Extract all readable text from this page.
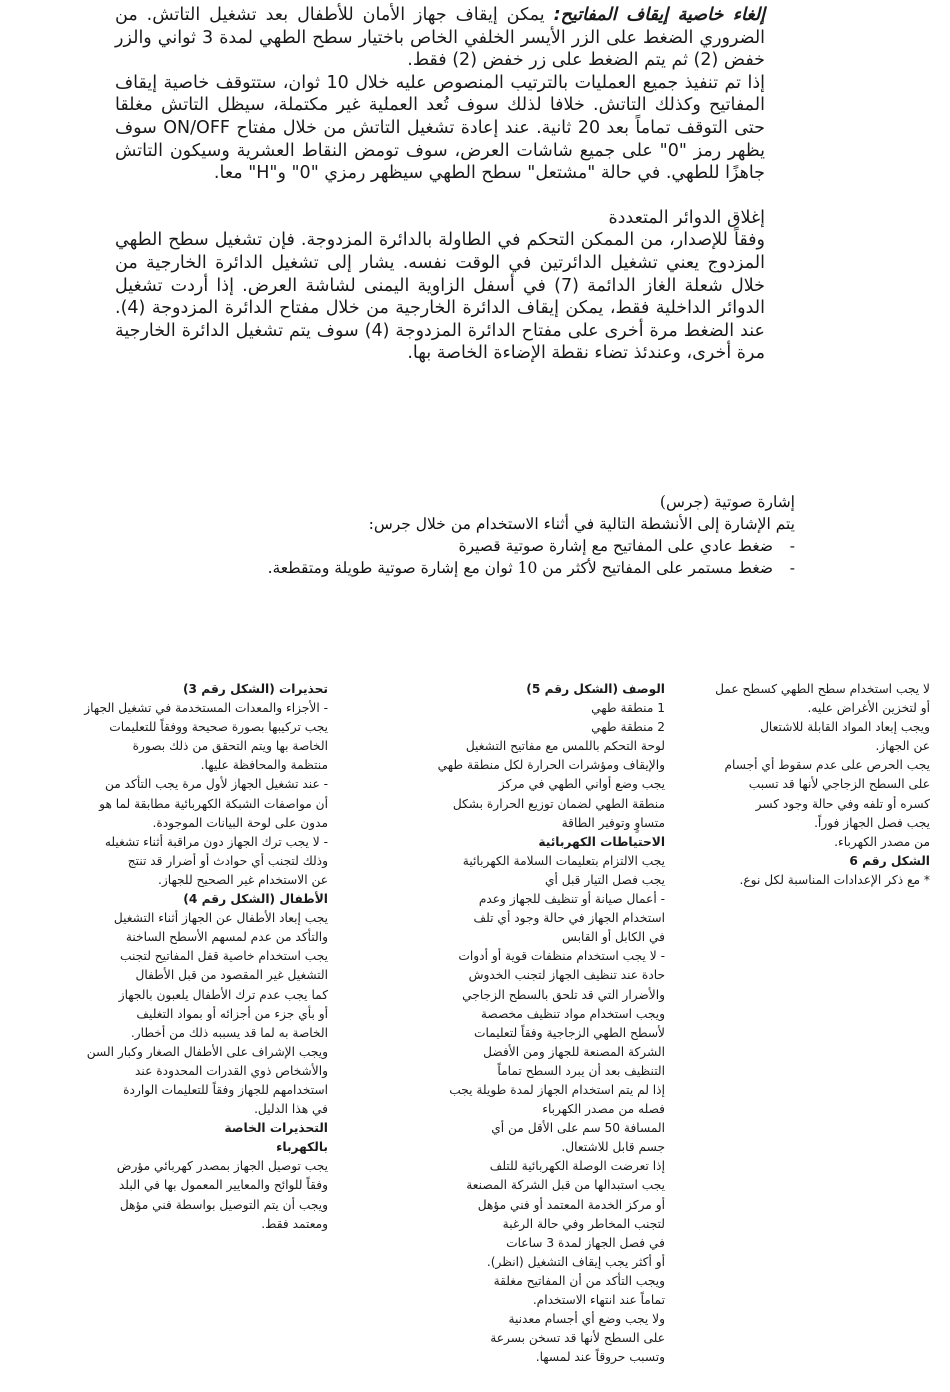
إلغاء خاصية إيقاف المفاتيح: يمكن إيقاف جهاز الأمان للأطفال بعد تشغيل التاتش. من الضروري الضغط على الزر الأيسر الخلفي الخاص باختيار سطح الطهي لمدة 3 ثواني والزر خفض (2) ثم يتم الضغط على زر خفض (2) فقط.

إذا تم تنفيذ جميع العمليات بالترتيب المنصوص عليه خلال 10 ثوان، ستتوقف خاصية إيقاف المفاتيح وكذلك التاتش. خلافا لذلك سوف تُعد العملية غير مكتملة، سيظل التاتش مغلقا حتى التوقف تماماً بعد 20 ثانية. عند إعادة تشغيل التاتش من خلال مفتاح ON/OFF سوف يظهر رمز "0" على جميع شاشات العرض، سوف تومض النقاط العشرية وسيكون التاتش جاهزًا للطهي. في حالة "مشتعل" سطح الطهي سيظهر رمزي "0" و"H" معا.

إغلاق الدوائر المتعددة

وفقاً للإصدار، من الممكن التحكم في الطاولة بالدائرة المزدوجة. فإن تشغيل سطح الطهي المزدوج يعني تشغيل الدائرتين في الوقت نفسه. يشار إلى تشغيل الدائرة الخارجية من خلال شعلة الغاز الدائمة (7) في أسفل الزاوية اليمنى لشاشة العرض. إذا أردت تشغيل الدوائر الداخلية فقط، يمكن إيقاف الدائرة الخارجية من خلال مفتاح الدائرة المزدوجة (4). عند الضغط مرة أخرى على مفتاح الدائرة المزدوجة (4) سوف يتم تشغيل الدائرة الخارجية مرة أخرى، وعندئذ تضاء نقطة الإضاءة الخاصة بها.

إشارة صوتية (جرس)

يتم الإشارة إلى الأنشطة التالية في أثناء الاستخدام من خلال جرس:

-
ضغط عادي على المفاتيح مع إشارة صوتية قصيرة

-
ضغط مستمر على المفاتيح لأكثر من 10 ثوان مع إشارة صوتية طويلة ومتقطعة.

تحذيرات (الشكل رقم 3)

- الأجزاء والمعدات المستخدمة في تشغيل الجهاز

يجب تركيبها بصورة صحيحة ووفقاً للتعليمات

الخاصة بها ويتم التحقق من ذلك بصورة

منتظمة والمحافظة عليها.

- عند تشغيل الجهاز لأول مرة يجب التأكد من

أن مواصفات الشبكة الكهربائية مطابقة لما هو

مدون على لوحة البيانات الموجودة.

- لا يجب ترك الجهاز دون مراقبة أثناء تشغيله

وذلك لتجنب أي حوادث أو أضرار قد تنتج

عن الاستخدام غير الصحيح للجهاز.

الأطفال (الشكل رقم 4)

يجب إبعاد الأطفال عن الجهاز أثناء التشغيل

والتأكد من عدم لمسهم الأسطح الساخنة

يجب استخدام خاصية قفل المفاتيح لتجنب

التشغيل غير المقصود من قبل الأطفال

كما يجب عدم ترك الأطفال يلعبون بالجهاز

أو بأي جزء من أجزائه أو بمواد التغليف

الخاصة به لما قد يسببه ذلك من أخطار.

ويجب الإشراف على الأطفال الصغار وكبار السن

والأشخاص ذوي القدرات المحدودة عند

استخدامهم للجهاز وفقاً للتعليمات الواردة

في هذا الدليل.

التحذيرات الخاصة

بالكهرباء

يجب توصيل الجهاز بمصدر كهربائي مؤرض

وفقاً للوائح والمعايير المعمول بها في البلد

ويجب أن يتم التوصيل بواسطة فني مؤهل

ومعتمد فقط.

الوصف (الشكل رقم 5)

1 منطقة طهي

2 منطقة طهي

لوحة التحكم باللمس مع مفاتيح التشغيل

والإيقاف ومؤشرات الحرارة لكل منطقة طهي

يجب وضع أواني الطهي في مركز

منطقة الطهي لضمان توزيع الحرارة بشكل

متساوٍ وتوفير الطاقة

الاحتياطات الكهربائية

يجب الالتزام بتعليمات السلامة الكهربائية

يجب فصل التيار قبل أي

- أعمال صيانة أو تنظيف للجهاز وعدم

استخدام الجهاز في حالة وجود أي تلف

في الكابل أو القابس

- لا يجب استخدام منظفات قوية أو أدوات

حادة عند تنظيف الجهاز لتجنب الخدوش

والأضرار التي قد تلحق بالسطح الزجاجي

ويجب استخدام مواد تنظيف مخصصة

لأسطح الطهي الزجاجية وفقاً لتعليمات

الشركة المصنعة للجهاز ومن الأفضل

التنظيف بعد أن يبرد السطح تماماً

إذا لم يتم استخدام الجهاز لمدة طويلة يجب

فصله من مصدر الكهرباء

المسافة 50 سم على الأقل من أي

جسم قابل للاشتعال.

إذا تعرضت الوصلة الكهربائية للتلف

يجب استبدالها من قبل الشركة المصنعة

أو مركز الخدمة المعتمد أو فني مؤهل

لتجنب المخاطر وفي حالة الرغبة

في فصل الجهاز لمدة 3 ساعات

أو أكثر يجب إيقاف التشغيل (انظر).

ويجب التأكد من أن المفاتيح مغلقة

تماماً عند انتهاء الاستخدام.

ولا يجب وضع أي أجسام معدنية

على السطح لأنها قد تسخن بسرعة

وتسبب حروقاً عند لمسها.

لا يجب استخدام سطح الطهي كسطح عمل

أو لتخزين الأغراض عليه.

ويجب إبعاد المواد القابلة للاشتعال

عن الجهاز.

يجب الحرص على عدم سقوط أي أجسام

على السطح الزجاجي لأنها قد تسبب

كسره أو تلفه وفي حالة وجود كسر

يجب فصل الجهاز فوراً.

من مصدر الكهرباء.

الشكل رقم 6

* مع ذكر الإعدادات المناسبة لكل نوع.
